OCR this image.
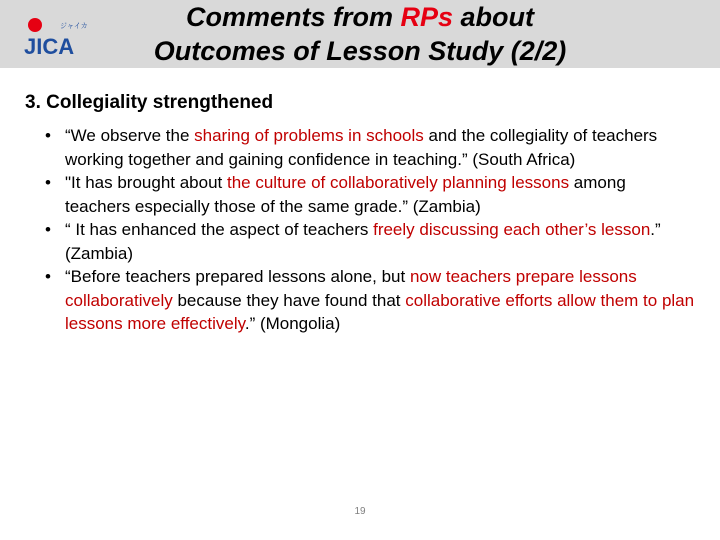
ジャイカ
JICA
Comments from RPs about
Outcomes of Lesson Study (2/2)
3. Collegiality strengthened
• “We observe the sharing of problems in schools and the collegiality of teachers working together and gaining confidence in teaching.” (South Africa)
• "It has brought about the culture of collaboratively planning lessons among teachers especially those of the same grade.” (Zambia)
• “ It has enhanced the aspect of teachers freely discussing each other’s lesson.” (Zambia)
• “Before teachers prepared lessons alone, but now teachers prepare lessons collaboratively because they have found that collaborative efforts allow them to plan lessons more effectively.” (Mongolia)
19
